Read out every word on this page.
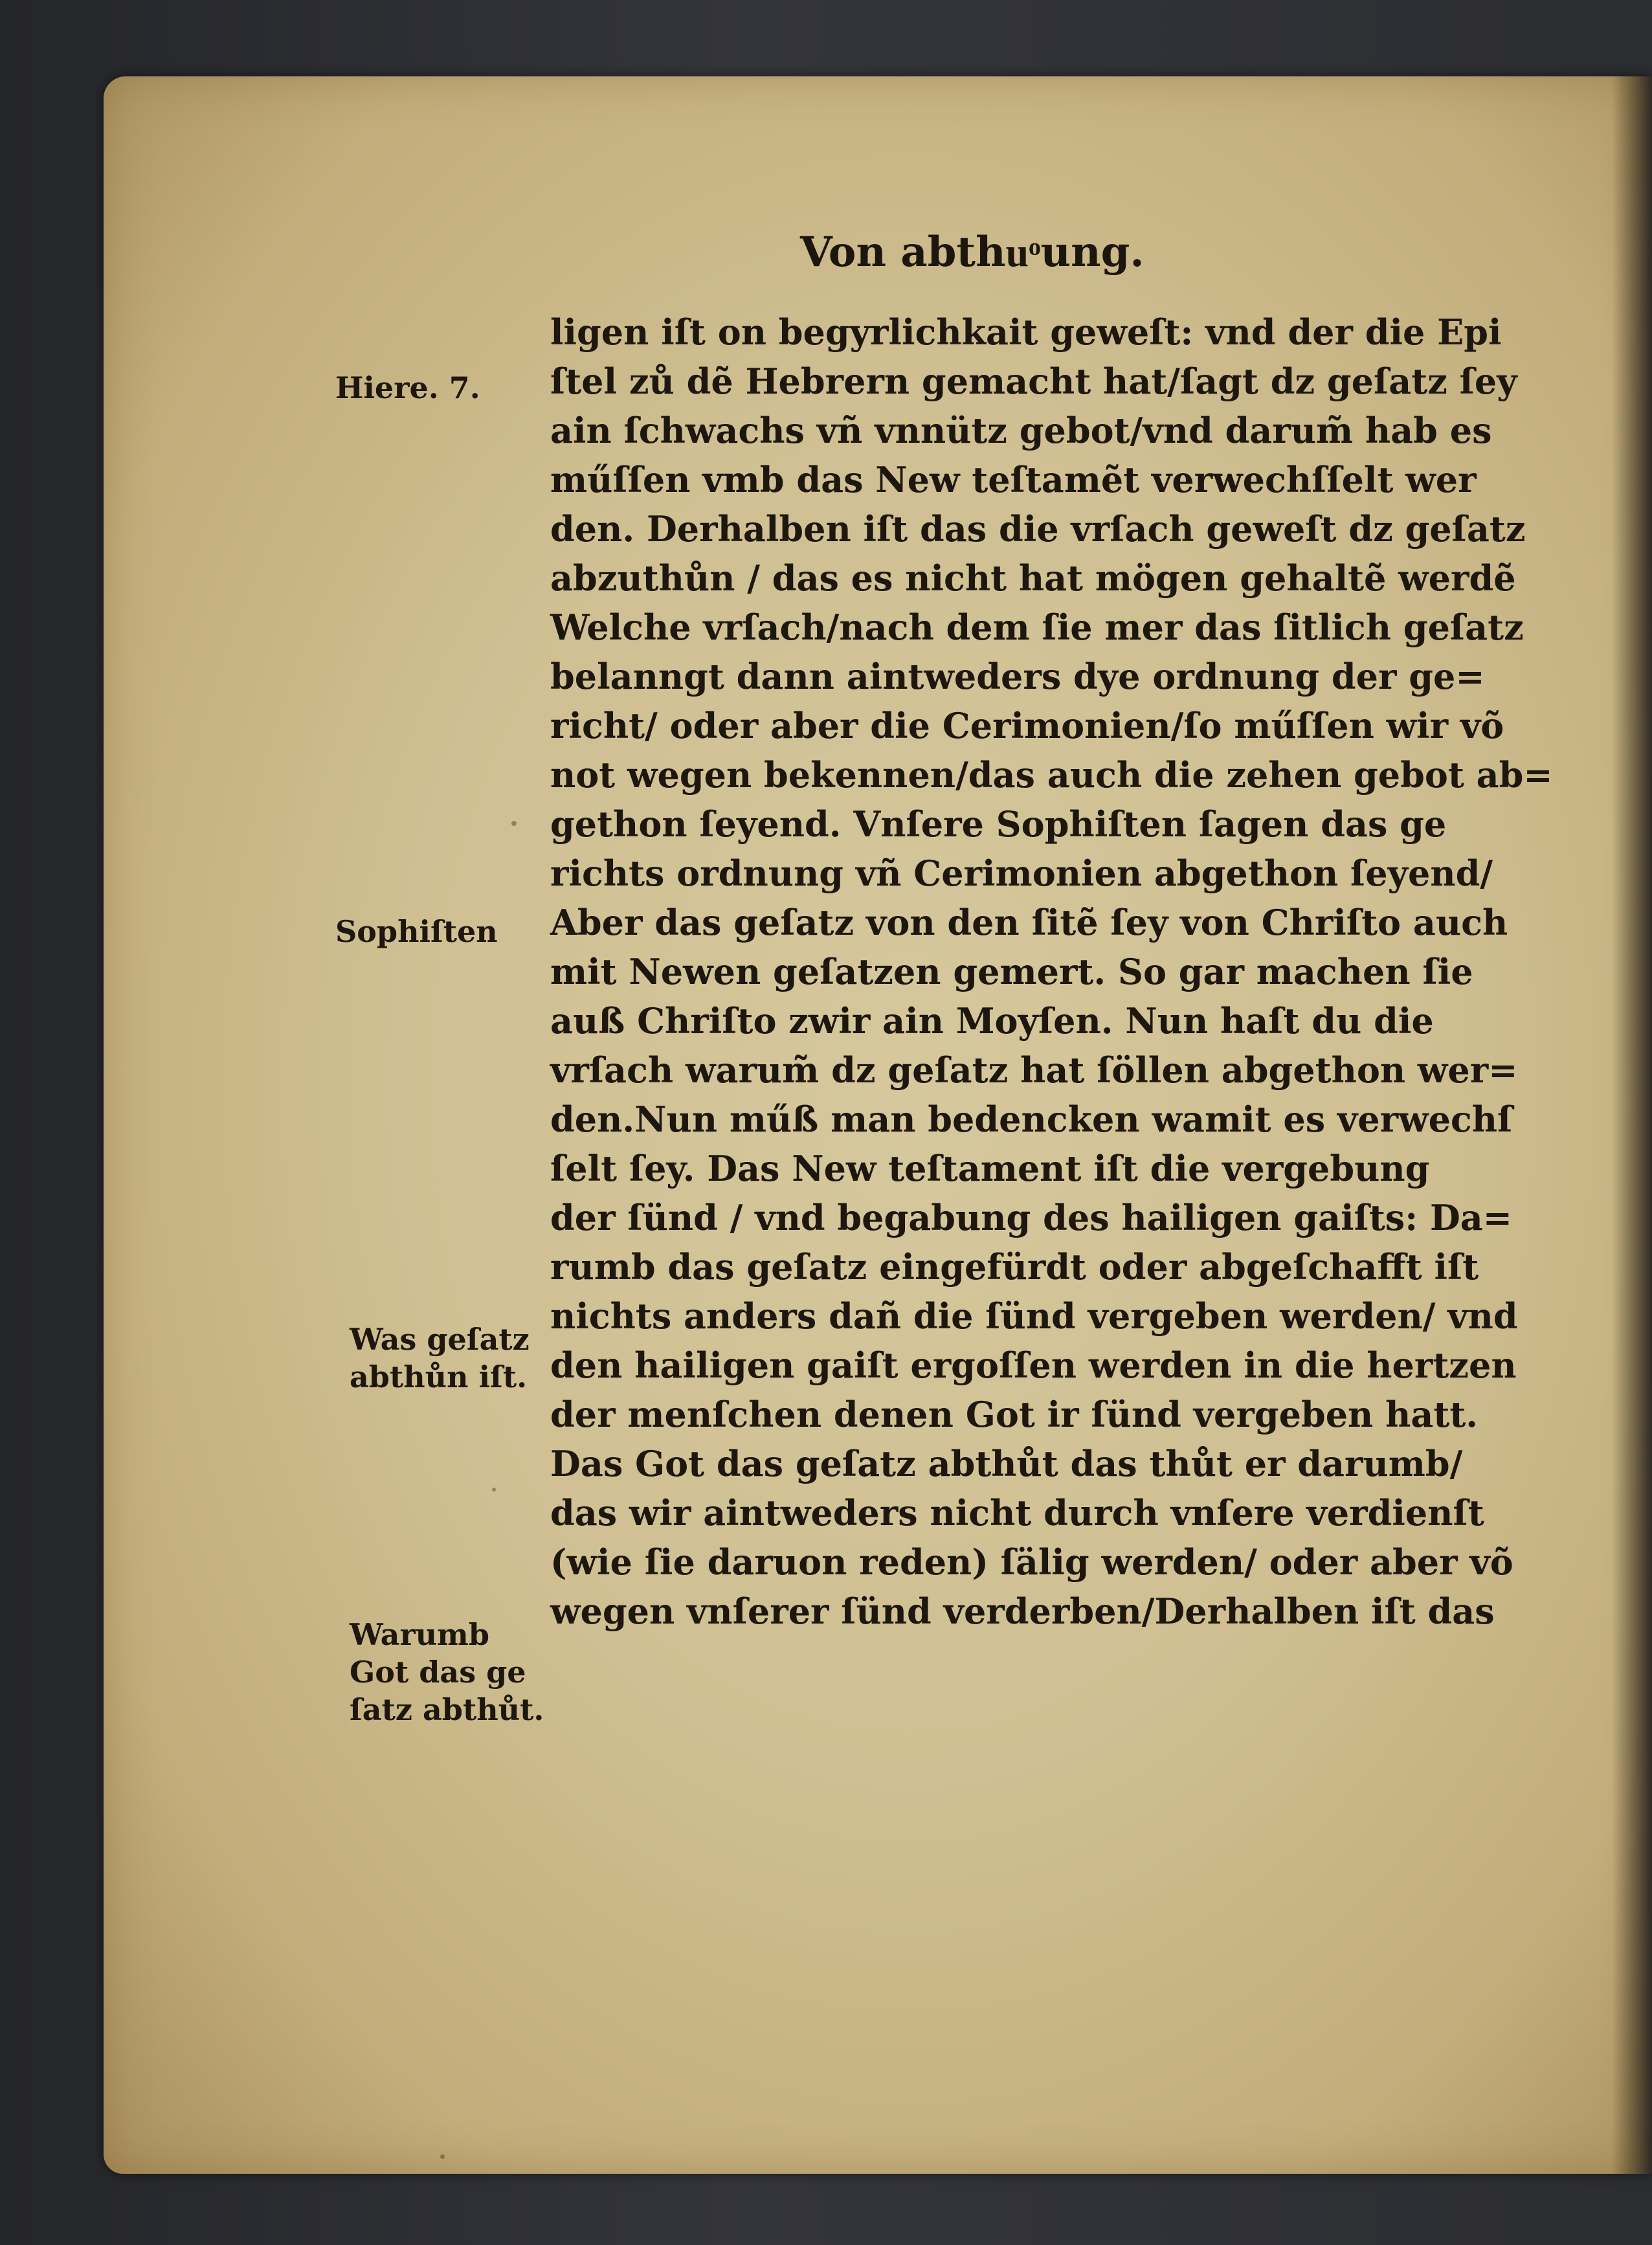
Von abthuͦung.
ligen iſt on begyrlichkait geweſt: vnd der die Epi
ſtel zů dẽ Hebrern gemacht hat/ſagt dz geſatz ſey
ain ſchwachs vñ vnnütz gebot/vnd darum̃ hab es
műſſen vmb das New teſtamẽt verwechſſelt wer
den. Derhalben iſt das die vrſach geweſt dz geſatz
abzuthůn / das es nicht hat mögen gehaltẽ werdẽ
Welche vrſach/nach dem ſie mer das ſitlich geſatz
belanngt dann aintweders dye ordnung der ge=
richt/ oder aber die Cerimonien/ſo műſſen wir võ
not wegen bekennen/das auch die zehen gebot ab=
gethon ſeyend. Vnſere Sophiſten ſagen das ge
richts ordnung vñ Cerimonien abgethon ſeyend/
Aber das geſatz von den ſitẽ ſey von Chriſto auch
mit Newen geſatzen gemert. So gar machen ſie
auß Chriſto zwir ain Moyſen. Nun haſt du die
vrſach warum̃ dz geſatz hat ſöllen abgethon wer=
den.Nun műß man bedencken wamit es verwechſ
ſelt ſey. Das New teſtament iſt die vergebung
der ſünd / vnd begabung des hailigen gaiſts: Da=
rumb das geſatz eingefürdt oder abgeſchafft iſt
nichts anders dañ die ſünd vergeben werden/ vnd
den hailigen gaiſt ergoſſen werden in die hertzen
der menſchen denen Got ir ſünd vergeben hatt.
Das Got das geſatz abthůt das thůt er darumb/
das wir aintweders nicht durch vnſere verdienſt
(wie ſie daruon reden) ſälig werden/ oder aber võ
wegen vnſerer ſünd verderben/Derhalben iſt das
Hiere. 7.
Sophiſten
Was geſatz
abthůn iſt.
Warumb
Got das ge
ſatz abthůt.
